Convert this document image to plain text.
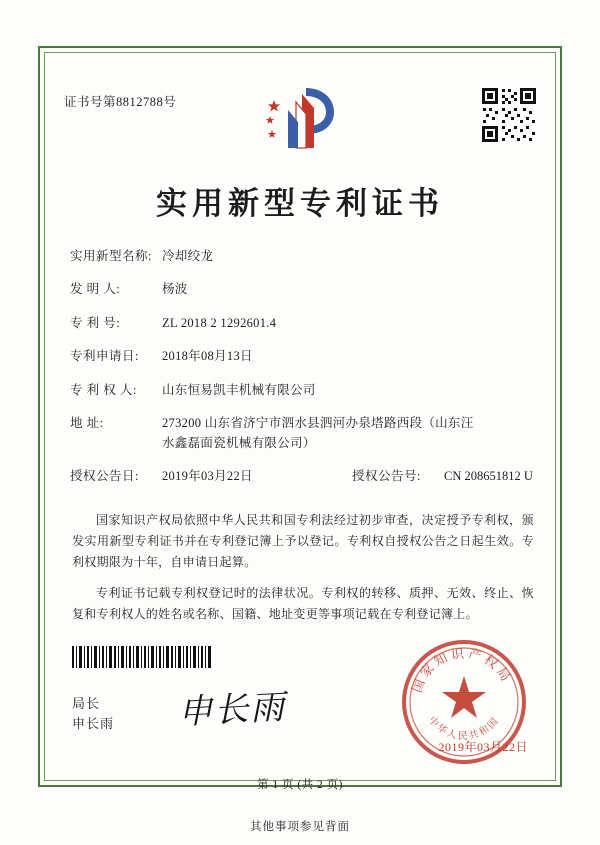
证书号第8812788号
实用新型专利证书
实用新型名称: 冷却绞龙
发 明 人:	杨波
专 利 号:	ZL 2018 2 1292601.4
专利申请日:	2018年08月13日
专 利 权 人:	山东恒易凯丰机械有限公司
地 址:	273200 山东省济宁市泗水县泗河办泉塔路西段（山东汪
水鑫磊面瓷机械有限公司）
授权公告日:	2019年03月22日	授权公告号:	CN 208651812 U

国家知识产权局依照中华人民共和国专利法经过初步审查，决定授予专利权，颁发实用新型专利证书并在专利登记簿上予以登记。专利权自授权公告之日起生效。专利权期限为十年，自申请日起算。

专利证书记载专利权登记时的法律状况。专利权的转移、质押、无效、终止、恢复和专利权人的姓名或名称、国籍、地址变更等事项记载在专利登记簿上。

局长
申长雨 申长雨
国家知识产权局
中华人民共和国
2019年03月22日
第 1 页 (共 2 页)
其他事项参见背面
